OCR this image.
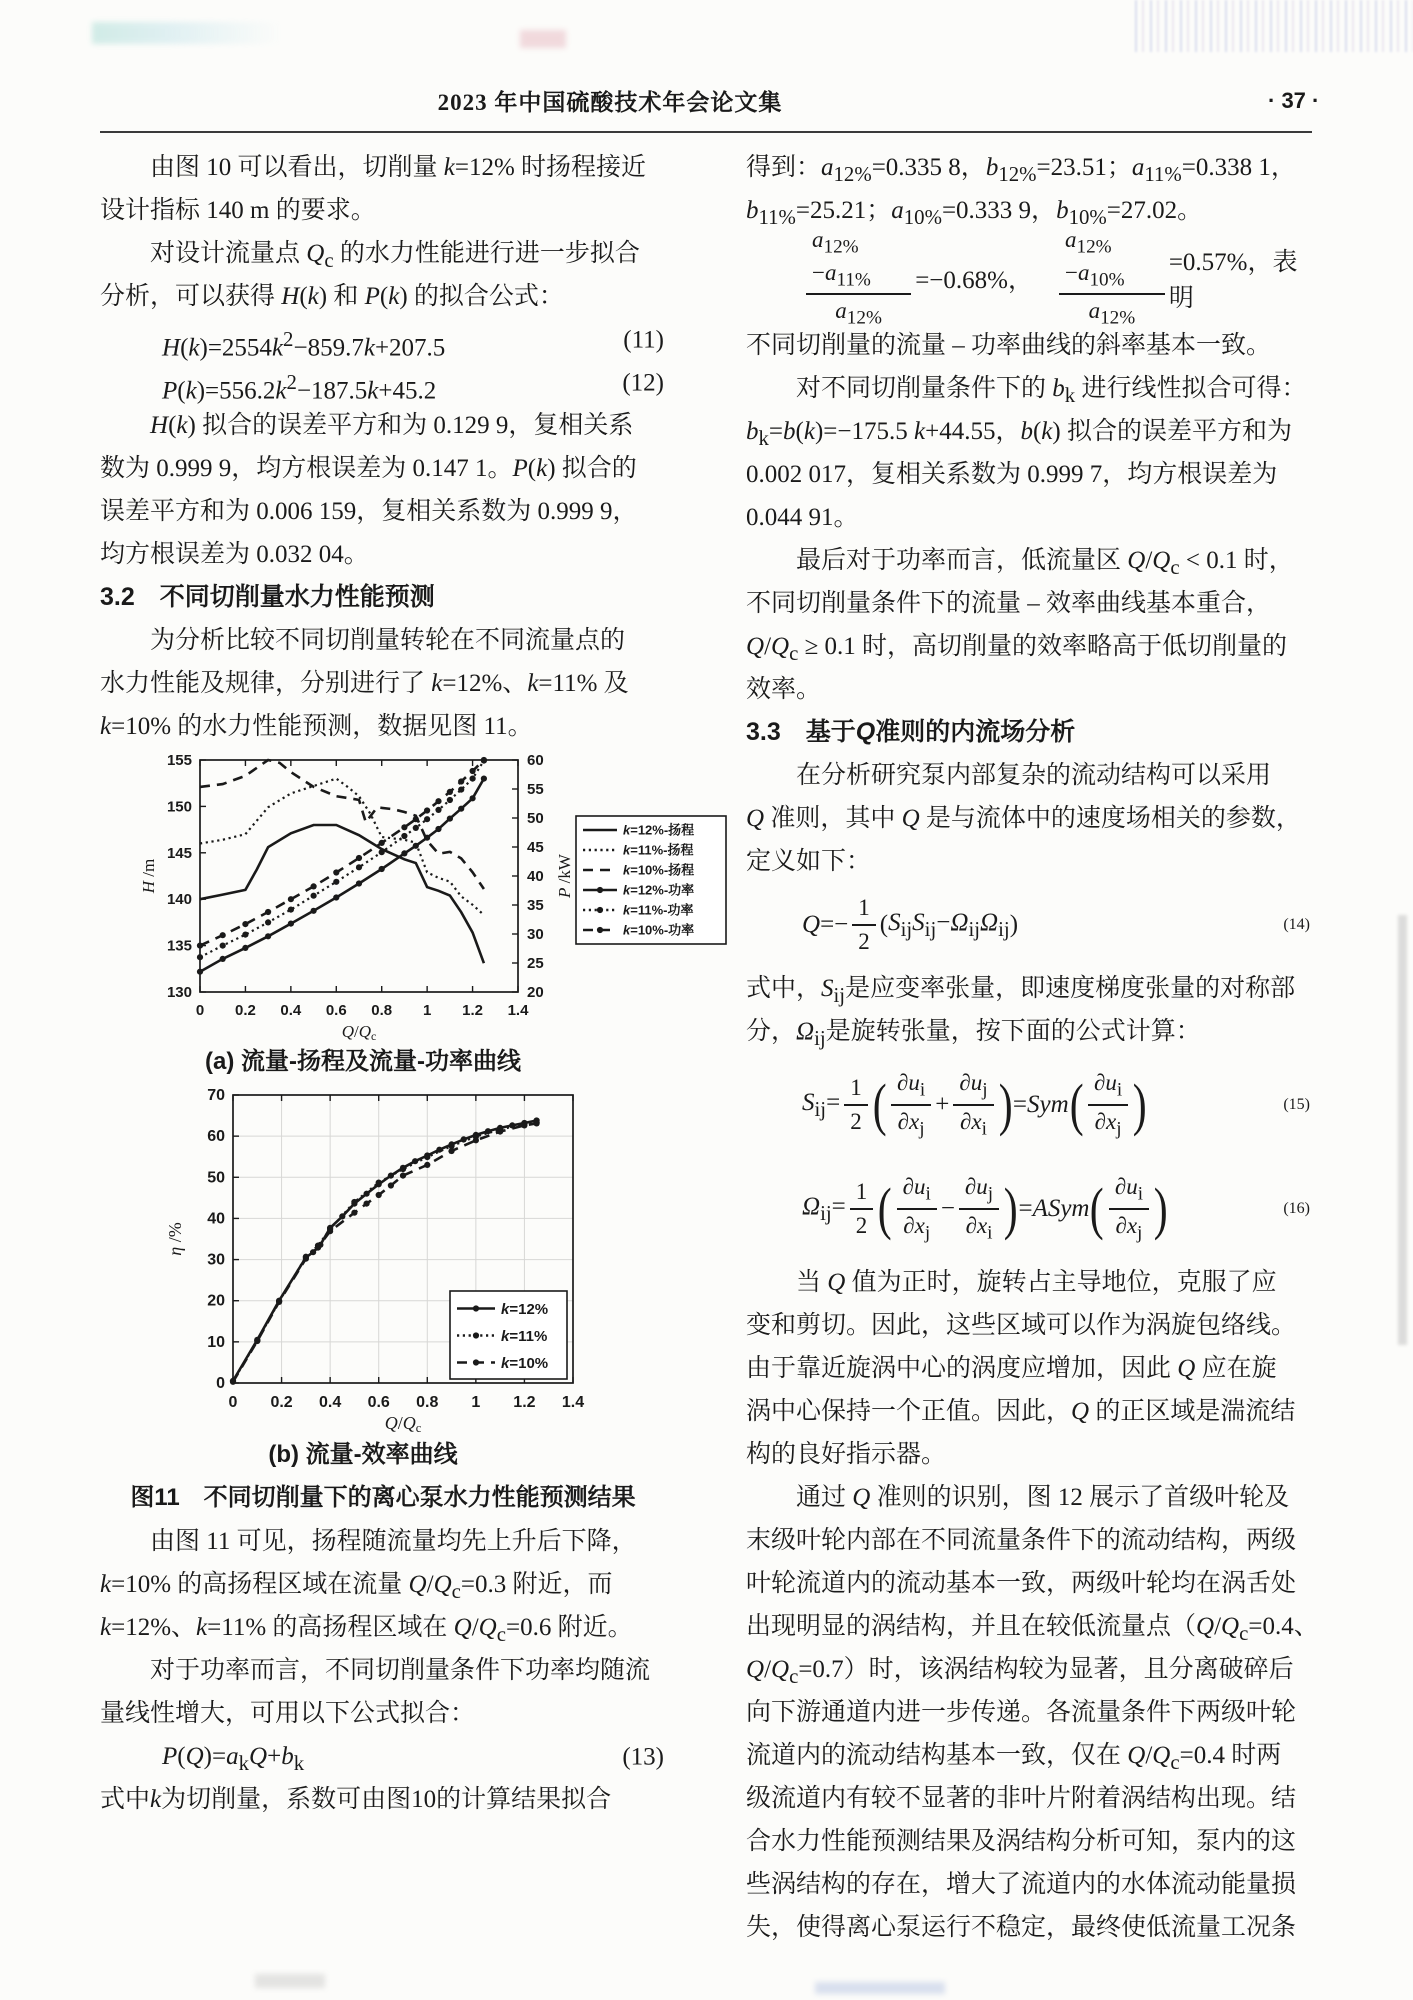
2023 年中国硫酸技术年会论文集	· 37 ·
由图 10 可以看出，切削量 k=12% 时扬程接近
设计指标 140 m 的要求。
对设计流量点 $Q_c$ 的水力性能进行进一步拟合
分析，可以获得 H(k) 和 P(k) 的拟合公式：
$H(k)=2554k^2-859.7k+207.5$	(11)
$P(k)=556.2k^2-187.5k+45.2$	(12)
H(k) 拟合的误差平方和为 0.129 9，复相关系
数为 0.999 9，均方根误差为 0.147 1。P(k) 拟合的
误差平方和为 0.006 159，复相关系数为 0.999 9，
均方根误差为 0.032 04。
3.2　不同切削量水力性能预测
为分析比较不同切削量转轮在不同流量点的
水力性能及规律，分别进行了 k=12%、k=11% 及
k=10% 的水力性能预测，数据见图 11。
0 0.2 0.4 0.6 0.8 1 1.2 1.4
130
135
140
145
150
155
20
25
30
35
40
45
50
55
60
H /m
P /kW
Q/Qc
k=12%-扬程
k=11%-扬程
k=10%-扬程
k=12%-功率
k=11%-功率
k=10%-功率
(a) 流量-扬程及流量-功率曲线
0 0.2 0.4 0.6 0.8 1 1.2 1.4
0
10
20
30
40
50
60
70
η /%
Q/Qc
k=12%
k=11%
k=10%
(b) 流量-效率曲线
图11　不同切削量下的离心泵水力性能预测结果
由图 11 可见，扬程随流量均先上升后下降，
k=10% 的高扬程区域在流量 $Q/Q_c=0.3$ 附近，而
k=12%、k=11% 的高扬程区域在 $Q/Q_c=0.6$ 附近。
对于功率而言，不同切削量条件下功率均随流
量线性增大，可用以下公式拟合：
$P(Q)=a_kQ+b_k$	(13)
式中k为切削量，系数可由图10的计算结果拟合
得到：$a_{12\%}=0.335$ 8，$b_{12\%}=23.51$；$a_{11\%}=0.338$ 1，
$b_{11\%}=25.21$；$a_{10\%}=0.333$ 9，$b_{10\%}=27.02$。
$\frac{a_{12\%}-a_{11\%}}{a_{12\%}} =-0.68\%$， $\frac{a_{12\%}-a_{10\%}}{a_{12\%}} =0.57\%$，表 明
不同切削量的流量 – 功率曲线的斜率基本一致。
对不同切削量条件下的 $b_k$ 进行线性拟合可得：
$b_k=b(k)=-175.5$ k+44.55，b(k) 拟合的误差平方和为
0.002 017，复相关系数为 0.999 7，均方根误差为
0.044 91。
最后对于功率而言，低流量区 $Q/Q_c < 0.1$ 时，
不同切削量条件下的流量 – 效率曲线基本重合，
$Q/Q_c \ge 0.1$ 时，高切削量的效率略高于低切削量的
效率。
3.3　基于Q准则的内流场分析
在分析研究泵内部复杂的流动结构可以采用
Q 准则，其中 Q 是与流体中的速度场相关的参数，
定义如下：
$Q=- \frac{1}{2}$ ( $S_{ij}S_{ij}-\Omega_{ij}\Omega_{ij}$ )	(14)
式中，$S_{ij}$是应变率张量，即速度梯度张量的对称部
分，$\Omega_{ij}$是旋转张量，按下面的公式计算：
$S_{ij}= \frac{1}{2}$ ( $\frac{\partial u_i}{\partial x_j} + \frac{\partial u_j}{\partial x_i}$ ) =Sym ( $\frac{\partial u_i}{\partial x_j}$ )	(15)
$\Omega_{ij}= \frac{1}{2}$ ( $\frac{\partial u_i}{\partial x_j} - \frac{\partial u_j}{\partial x_i}$ ) =ASym ( $\frac{\partial u_i}{\partial x_j}$ )	(16)
当 Q 值为正时，旋转占主导地位，克服了应
变和剪切。因此，这些区域可以作为涡旋包络线。
由于靠近旋涡中心的涡度应增加，因此 Q 应在旋
涡中心保持一个正值。因此，Q 的正区域是湍流结
构的良好指示器。
通过 Q 准则的识别，图 12 展示了首级叶轮及
末级叶轮内部在不同流量条件下的流动结构，两级
叶轮流道内的流动基本一致，两级叶轮均在涡舌处
出现明显的涡结构，并且在较低流量点（$Q/Q_c=0.4$、
$Q/Q_c=0.7$）时，该涡结构较为显著，且分离破碎后
向下游通道内进一步传递。各流量条件下两级叶轮
流道内的流动结构基本一致，仅在 $Q/Q_c=0.4$ 时两
级流道内有较不显著的非叶片附着涡结构出现。结
合水力性能预测结果及涡结构分析可知，泵内的这
些涡结构的存在，增大了流道内的水体流动能量损
失，使得离心泵运行不稳定，最终使低流量工况条
